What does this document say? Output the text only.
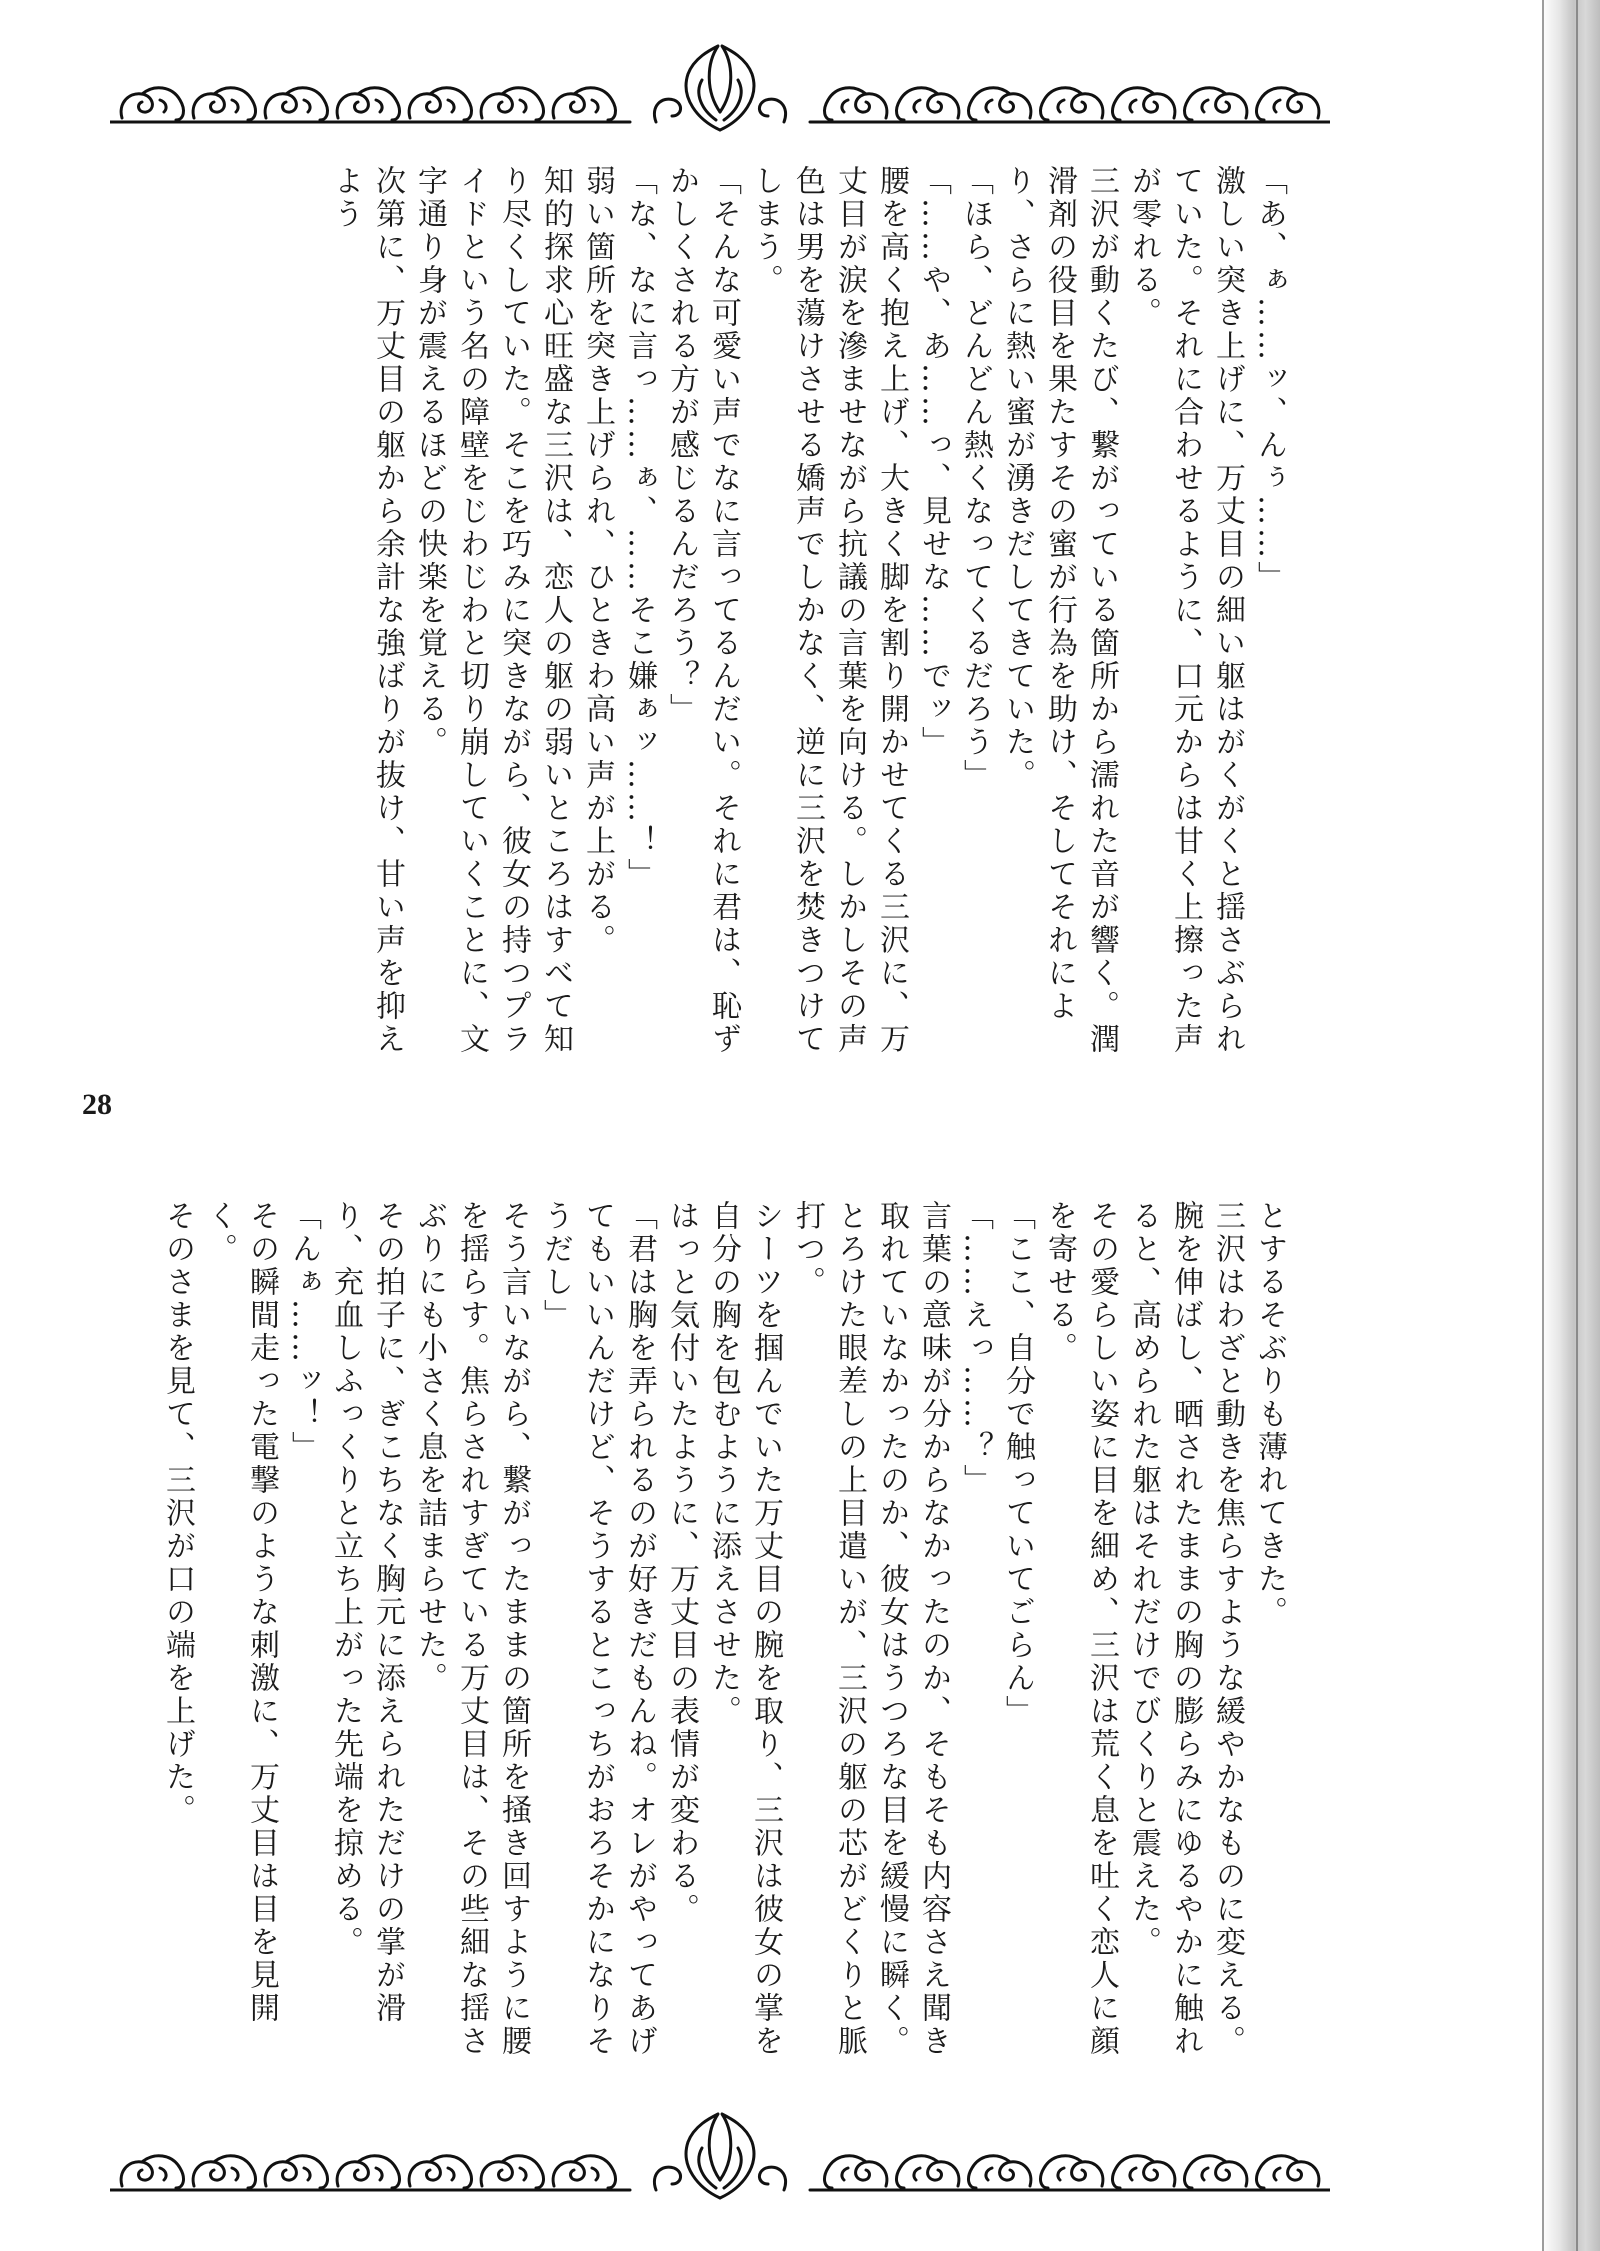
「あ、ぁ……ッ、んぅ……」

激しい突き上げに、万丈目の細い躯はがくがくと揺さぶられていた。それに合わせるように、口元からは甘く上擦った声が零れる。

三沢が動くたび、繋がっている箇所から濡れた音が響く。潤滑剤の役目を果たすその蜜が行為を助け、そしてそれにより、さらに熱い蜜が湧きだしてきていた。

「ほら、どんどん熱くなってくるだろう」

「……や、あ……っ、見せな……でッ」

腰を高く抱え上げ、大きく脚を割り開かせてくる三沢に、万丈目が涙を滲ませながら抗議の言葉を向ける。しかしその声色は男を蕩けさせる嬌声でしかなく、逆に三沢を焚きつけてしまう。

「そんな可愛い声でなに言ってるんだい。それに君は、恥ずかしくされる方が感じるんだろう？」

「な、なに言っ……ぁ、……そこ嫌ぁッ……！」

弱い箇所を突き上げられ、ひときわ高い声が上がる。

知的探求心旺盛な三沢は、恋人の躯の弱いところはすべて知り尽くしていた。そこを巧みに突きながら、彼女の持つプライドという名の障壁をじわじわと切り崩していくことに、文字通り身が震えるほどの快楽を覚える。

次第に、万丈目の躯から余計な強ばりが抜け、甘い声を抑えよう

28

とするそぶりも薄れてきた。

三沢はわざと動きを焦らすような緩やかなものに変える。腕を伸ばし、晒されたままの胸の膨らみにゆるやかに触れると、高められた躯はそれだけでびくりと震えた。

その愛らしい姿に目を細め、三沢は荒く息を吐く恋人に顔を寄せる。

「ここ、自分で触っていてごらん」

「……えっ……？」

言葉の意味が分からなかったのか、そもそも内容さえ聞き取れていなかったのか、彼女はうつろな目を緩慢に瞬く。とろけた眼差しの上目遣いが、三沢の躯の芯がどくりと脈打つ。

シーツを掴んでいた万丈目の腕を取り、三沢は彼女の掌を自分の胸を包むように添えさせた。

はっと気付いたように、万丈目の表情が変わる。

「君は胸を弄られるのが好きだもんね。オレがやってあげてもいいんだけど、そうするとこっちがおろそかになりそうだし」

そう言いながら、繋がったままの箇所を掻き回すように腰を揺らす。焦らされすぎている万丈目は、その些細な揺さぶりにも小さく息を詰まらせた。

その拍子に、ぎこちなく胸元に添えられただけの掌が滑り、充血しふっくりと立ち上がった先端を掠める。

「んぁ……ッ！」

その瞬間走った電撃のような刺激に、万丈目は目を見開く。

そのさまを見て、三沢が口の端を上げた。
